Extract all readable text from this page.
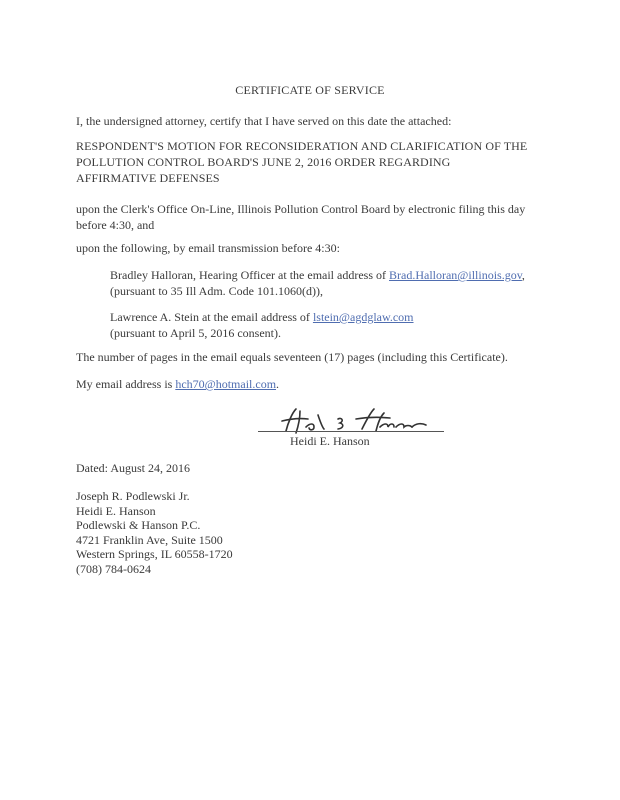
CERTIFICATE OF SERVICE
I, the undersigned attorney, certify that I have served on this date the attached:
RESPONDENT'S MOTION FOR RECONSIDERATION AND CLARIFICATION OF THE
POLLUTION CONTROL BOARD'S JUNE 2, 2016 ORDER REGARDING
AFFIRMATIVE DEFENSES
upon the Clerk's Office On-Line, Illinois Pollution Control Board by electronic filing this day
before 4:30, and
upon the following, by email transmission before 4:30:
Bradley Halloran, Hearing Officer at the email address of Brad.Halloran@illinois.gov,
(pursuant to 35 Ill Adm. Code 101.1060(d)),
Lawrence A. Stein at the email address of lstein@agdglaw.com
(pursuant to April 5, 2016 consent).
The number of pages in the email equals seventeen (17) pages (including this Certificate).
My email address is hch70@hotmail.com.
Heidi E. Hanson
Dated: August 24, 2016
Joseph R. Podlewski Jr.
Heidi E. Hanson
Podlewski & Hanson P.C.
4721 Franklin Ave, Suite 1500
Western Springs, IL 60558-1720
(708) 784-0624
